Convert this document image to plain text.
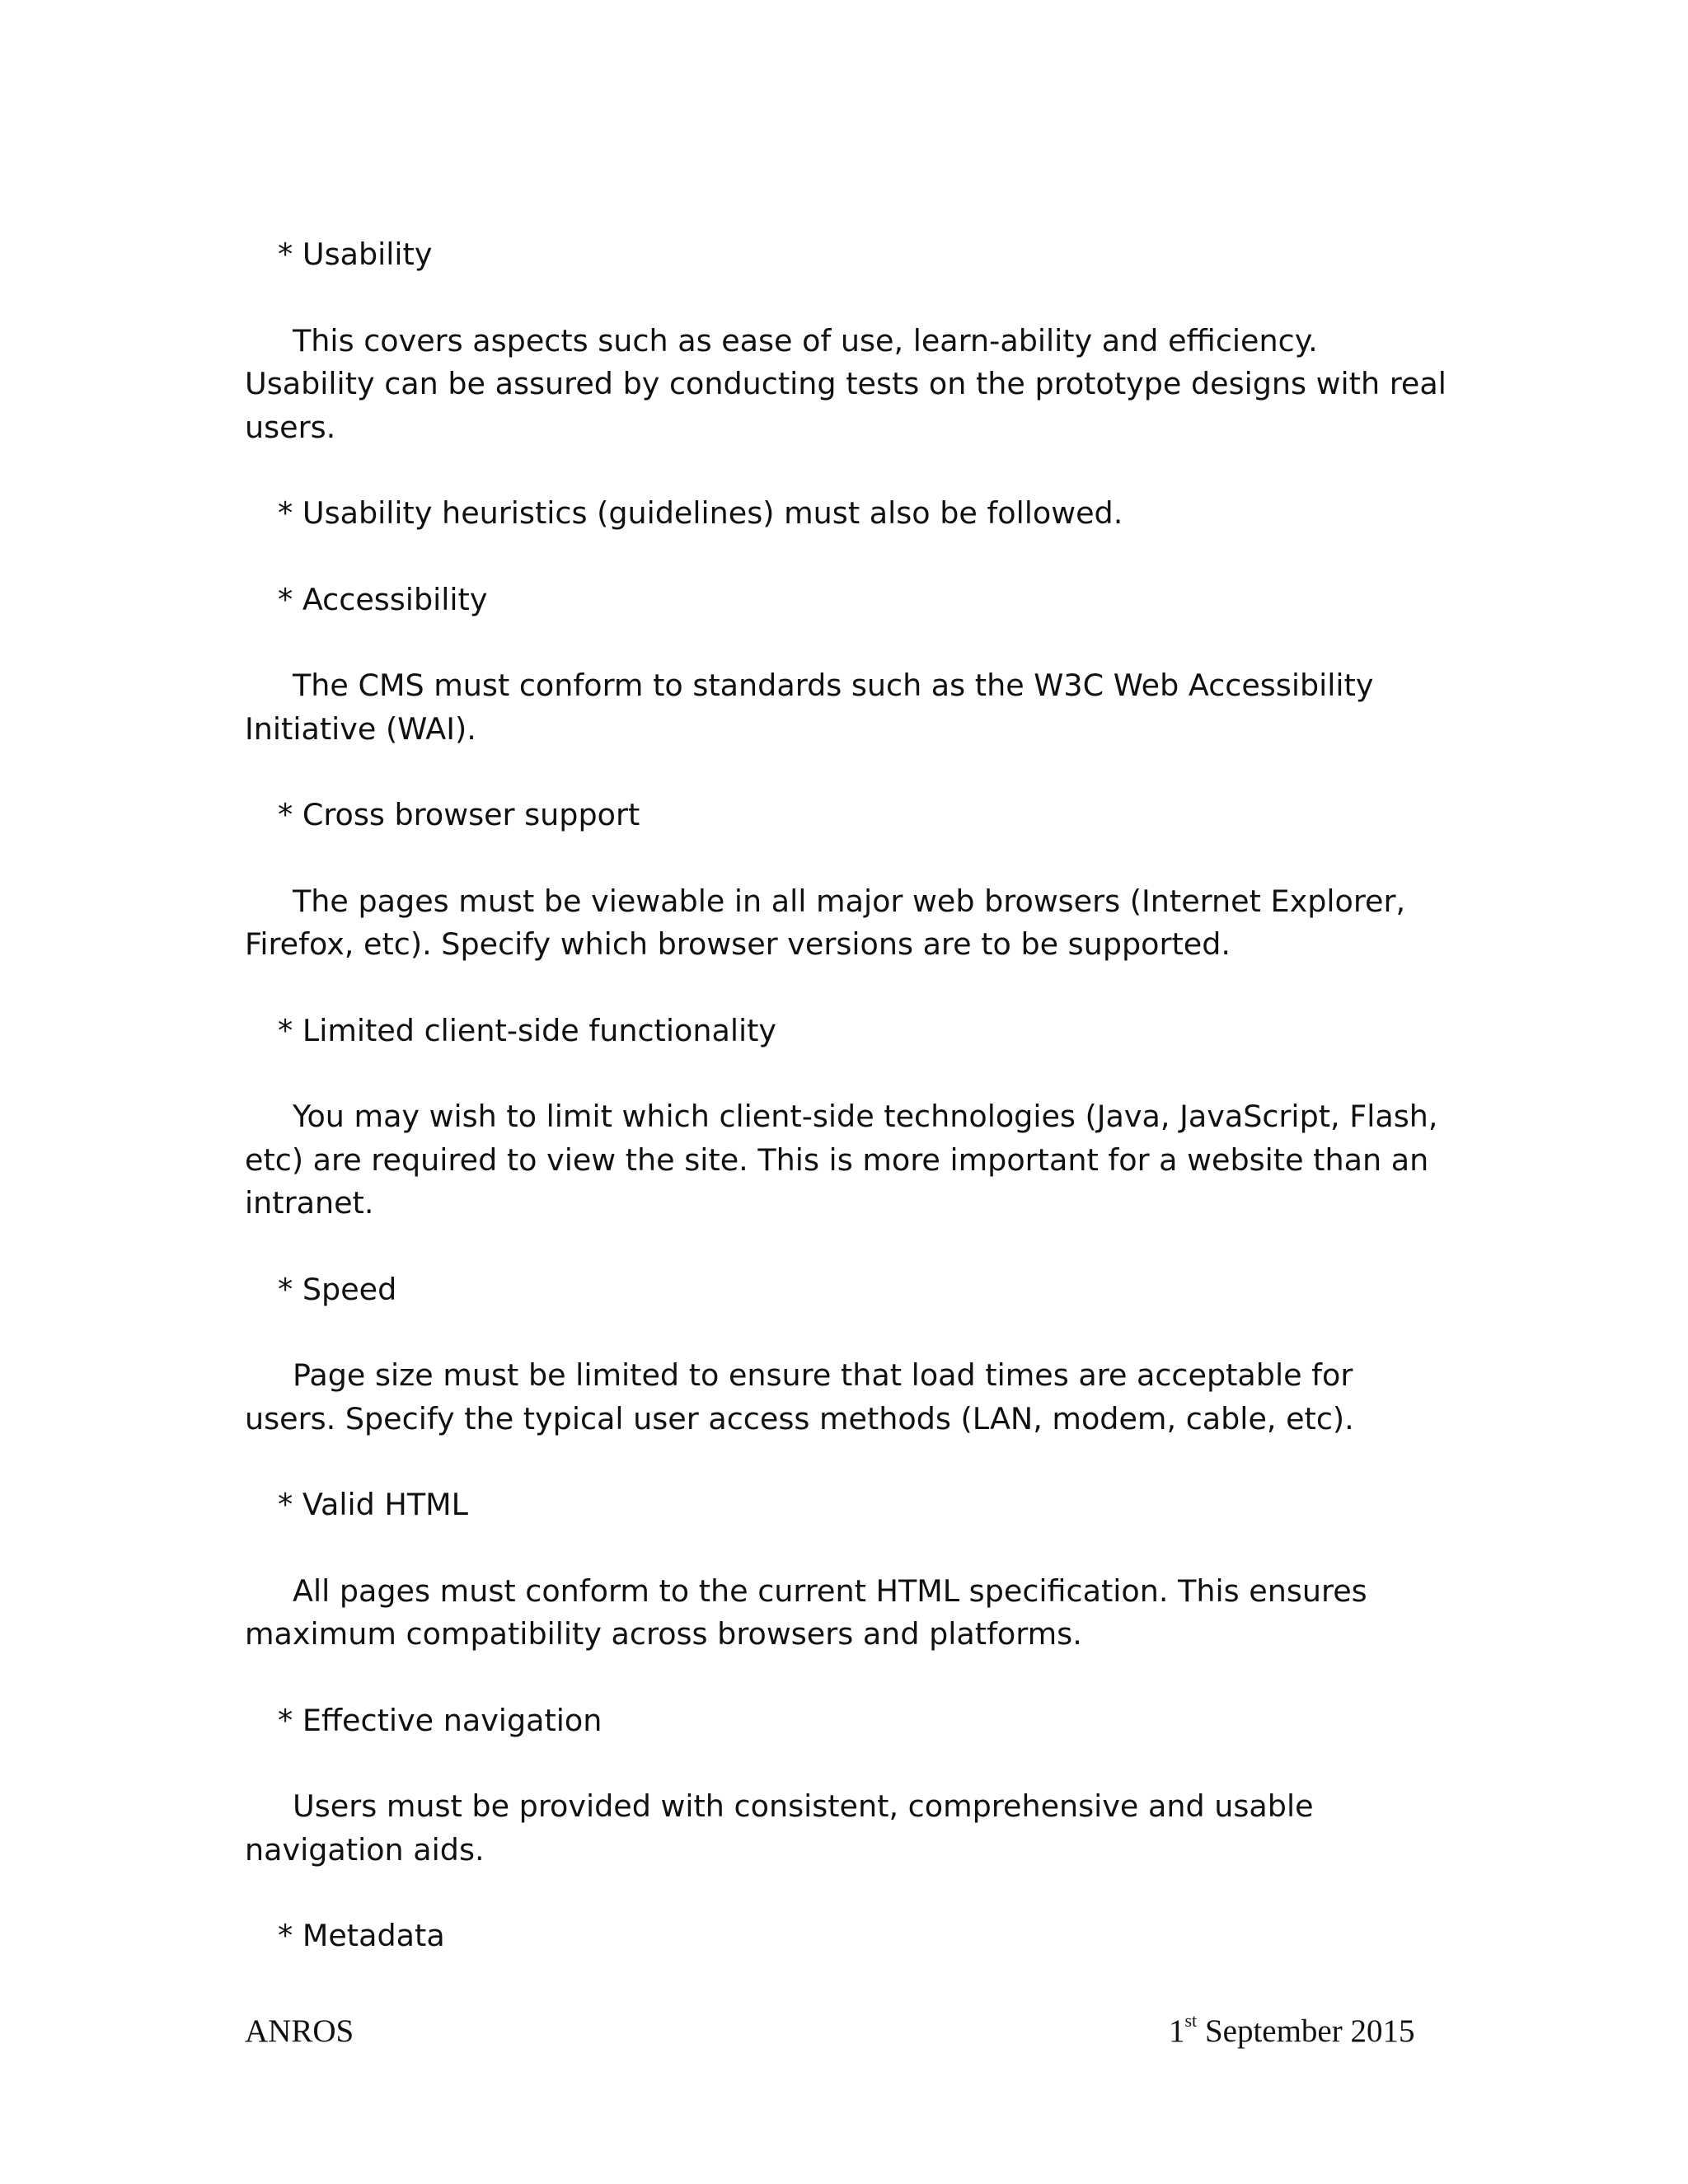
* Usability
This covers aspects such as ease of use, learn-ability and efficiency. Usability can be assured by conducting tests on the prototype designs with real users.
* Usability heuristics (guidelines) must also be followed.
* Accessibility
The CMS must conform to standards such as the W3C Web Accessibility Initiative (WAI).
* Cross browser support
The pages must be viewable in all major web browsers (Internet Explorer, Firefox, etc). Specify which browser versions are to be supported.
* Limited client-side functionality
You may wish to limit which client-side technologies (Java, JavaScript, Flash, etc) are required to view the site. This is more important for a website than an intranet.
* Speed
Page size must be limited to ensure that load times are acceptable for users. Specify the typical user access methods (LAN, modem, cable, etc).
* Valid HTML
All pages must conform to the current HTML specification. This ensures maximum compatibility across browsers and platforms.
* Effective navigation
Users must be provided with consistent, comprehensive and usable navigation aids.
* Metadata
ANROS	1st September 2015
